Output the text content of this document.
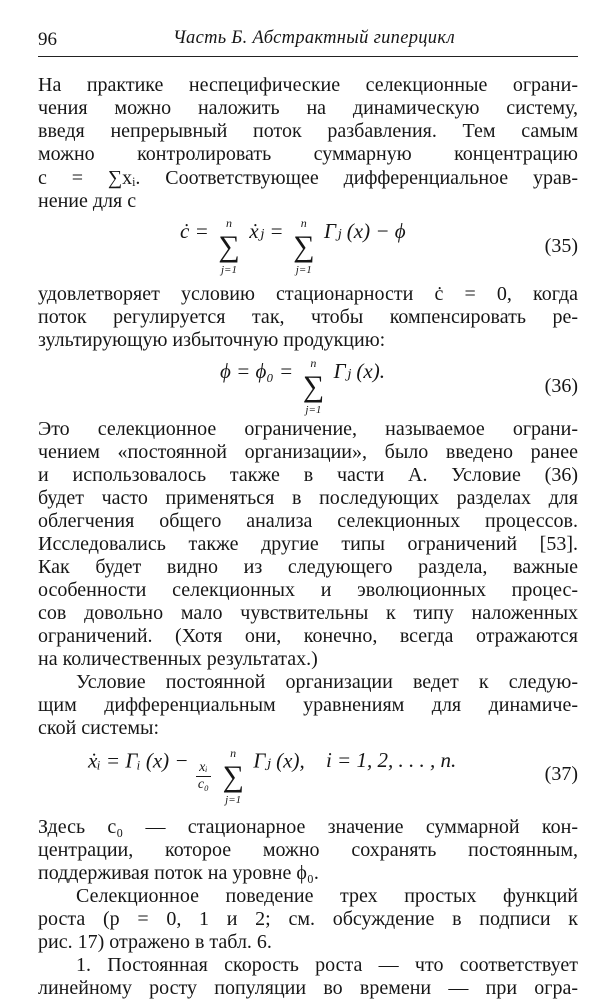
96	Часть Б. Абстрактный гиперцикл
На практике неспецифические селекционные ограни-
чения можно наложить на динамическую систему,
введя непрерывный поток разбавления. Тем самым
можно контролировать суммарную концентрацию
c = ∑xᵢ. Соответствующее дифференциальное урав-
нение для c
ċ =	n
∑
j=1
ẋⱼ =	n
∑
j=1
Γⱼ (x) − ϕ
(35)
удовлетворяет условию стационарности ċ = 0, когда
поток регулируется так, чтобы компенсировать ре-
зультирующую избыточную продукцию:
ϕ = ϕ₀ =	n
∑
j=1
Γⱼ (x).
(36)
Это селекционное ограничение, называемое ограни-
чением «постоянной организации», было введено ранее
и использовалось также в части А. Условие (36)
будет часто применяться в последующих разделах для
облегчения общего анализа селекционных процессов.
Исследовались также другие типы ограничений [53].
Как будет видно из следующего раздела, важные
особенности селекционных и эволюционных процес-
сов довольно мало чувствительны к типу наложенных
ограничений. (Хотя они, конечно, всегда отражаются
на количественных результатах.)
Условие постоянной организации ведет к следую-
щим дифференциальным уравнениям для динамиче-
ской системы:
ẋᵢ = Γᵢ $(x) - \frac{\text{xᵢ}}{\text{c₀}}$

n
∑
j=1
Γⱼ (x), i = 1, 2, . . . , n.
(37)
Здесь c₀ — стационарное значение суммарной кон-
центрации, которое можно сохранять постоянным,
поддерживая поток на уровне ϕ₀.
Селекционное поведение трех простых функций
роста (p = 0, 1 и 2; см. обсуждение в подписи к
рис. 17) отражено в табл. 6.
1. Постоянная скорость роста — что соответствует
линейному росту популяции во времени — при огра-
